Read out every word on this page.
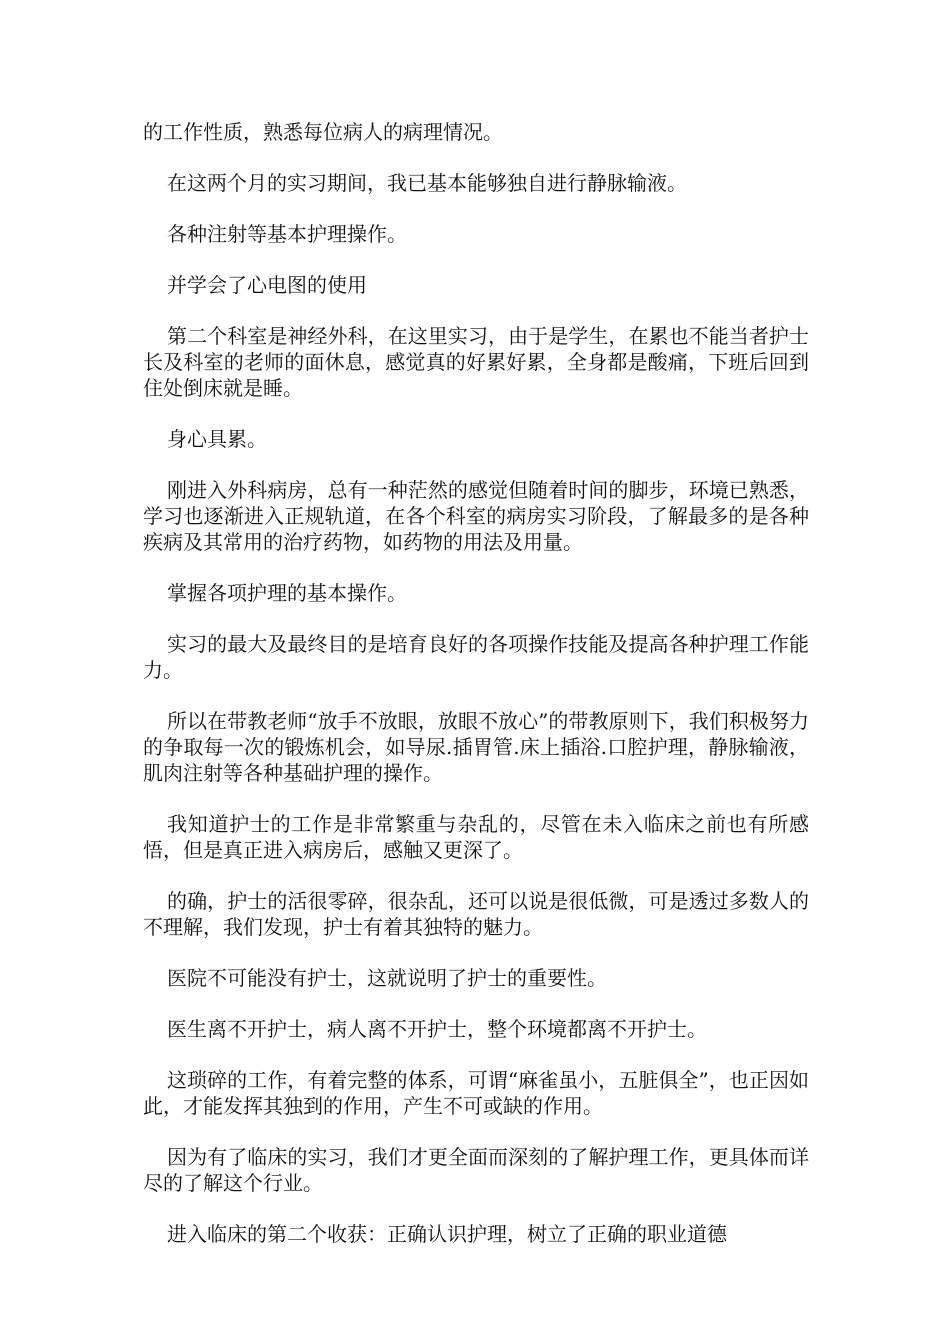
的工作性质，熟悉每位病人的病理情况。

在这两个月的实习期间，我已基本能够独自进行静脉输液。

各种注射等基本护理操作。

并学会了心电图的使用

第二个科室是神经外科，在这里实习，由于是学生，在累也不能当者护士长及科室的老师的面休息，感觉真的好累好累，全身都是酸痛，下班后回到住处倒床就是睡。

身心具累。

刚进入外科病房，总有一种茫然的感觉但随着时间的脚步，环境已熟悉，学习也逐渐进入正规轨道，在各个科室的病房实习阶段，了解最多的是各种疾病及其常用的治疗药物，如药物的用法及用量。

掌握各项护理的基本操作。

实习的最大及最终目的是培育良好的各项操作技能及提高各种护理工作能力。

所以在带教老师“放手不放眼，放眼不放心”的带教原则下，我们积极努力的争取每一次的锻炼机会，如导尿.插胃管.床上插浴.口腔护理，静脉输液，肌肉注射等各种基础护理的操作。

我知道护士的工作是非常繁重与杂乱的，尽管在未入临床之前也有所感悟，但是真正进入病房后，感触又更深了。

的确，护士的活很零碎，很杂乱，还可以说是很低微，可是透过多数人的不理解，我们发现，护士有着其独特的魅力。

医院不可能没有护士，这就说明了护士的重要性。

医生离不开护士，病人离不开护士，整个环境都离不开护士。

这琐碎的工作，有着完整的体系，可谓“麻雀虽小，五脏俱全”，也正因如此，才能发挥其独到的作用，产生不可或缺的作用。

因为有了临床的实习，我们才更全面而深刻的了解护理工作，更具体而详尽的了解这个行业。

进入临床的第二个收获：正确认识护理，树立了正确的职业道德
